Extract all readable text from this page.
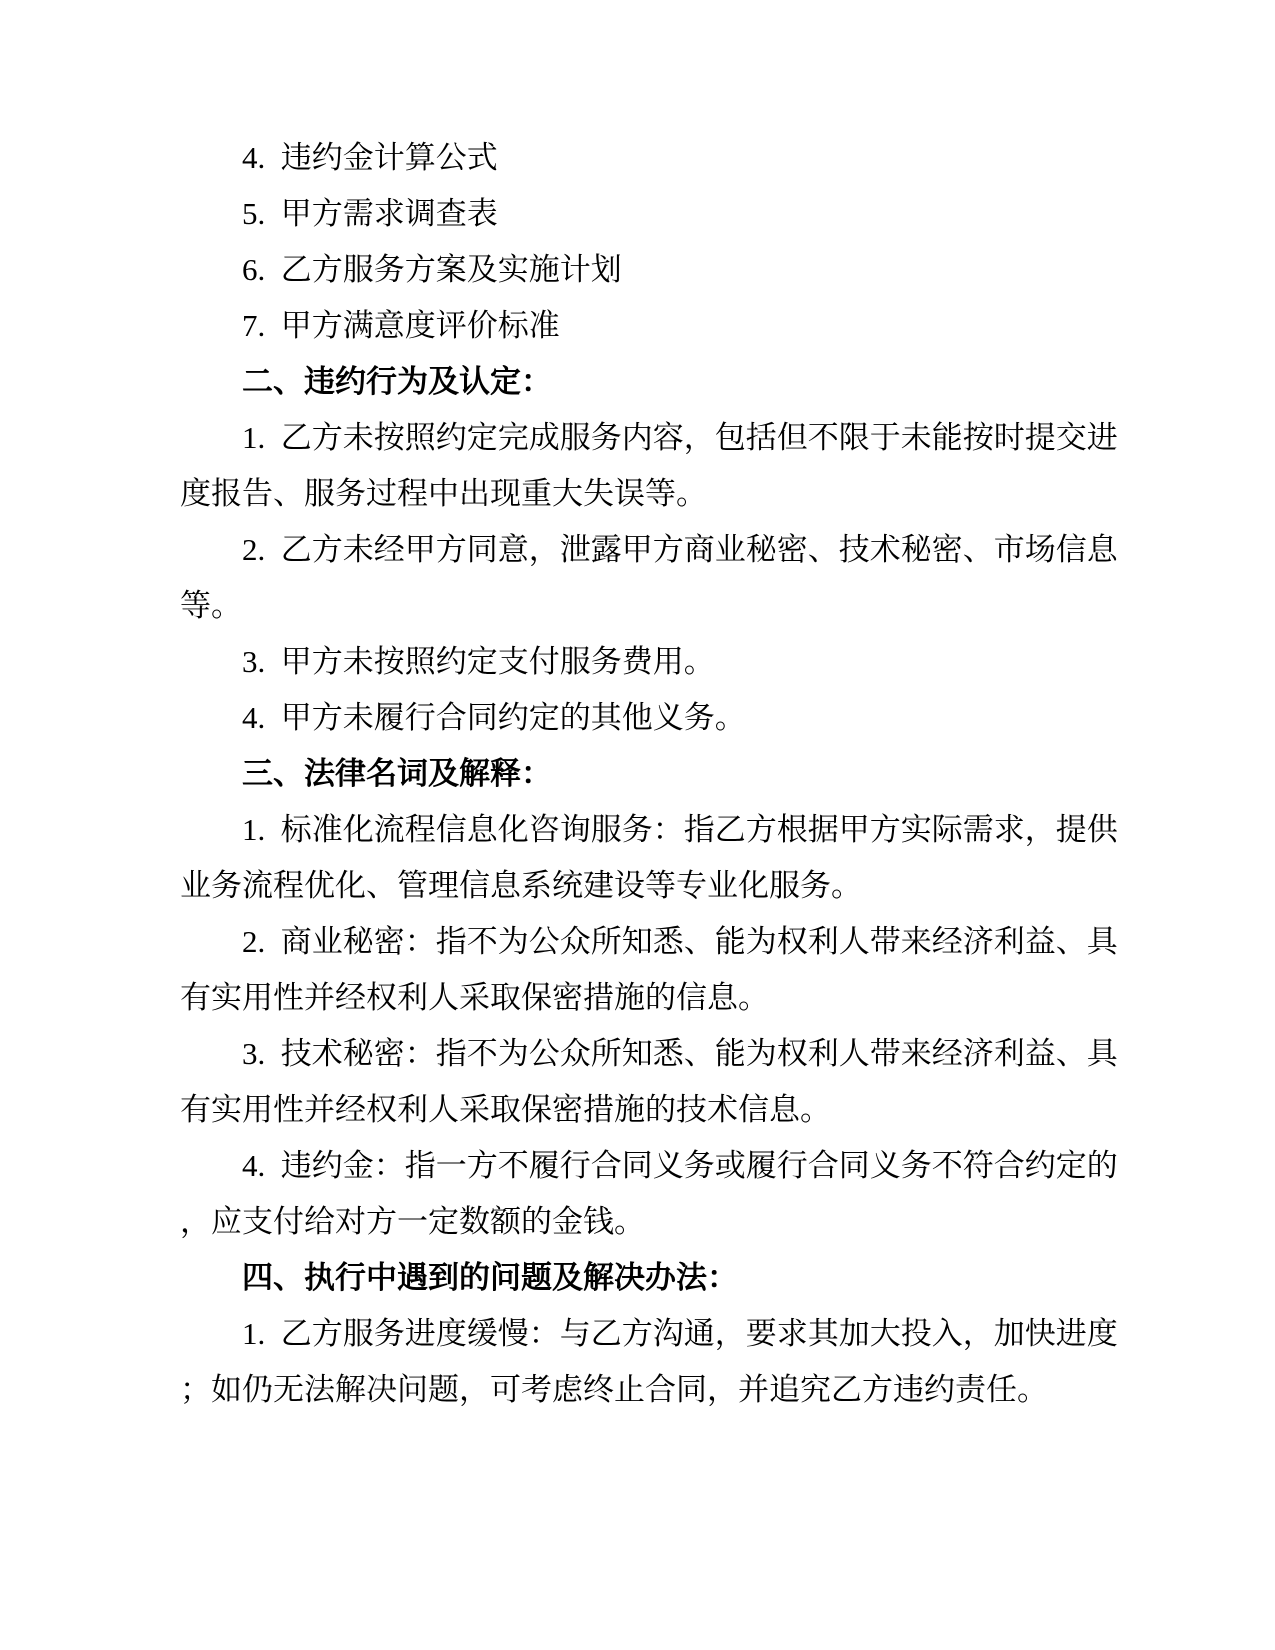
4.  违约金计算公式
5.  甲方需求调查表
6.  乙方服务方案及实施计划
7.  甲方满意度评价标准
二、违约行为及认定：
1.  乙方未按照约定完成服务内容，包括但不限于未能按时提交进
度报告、服务过程中出现重大失误等。
2.  乙方未经甲方同意，泄露甲方商业秘密、技术秘密、市场信息
等。
3.  甲方未按照约定支付服务费用。
4.  甲方未履行合同约定的其他义务。
三、法律名词及解释：
1.  标准化流程信息化咨询服务：指乙方根据甲方实际需求，提供
业务流程优化、管理信息系统建设等专业化服务。
2.  商业秘密：指不为公众所知悉、能为权利人带来经济利益、具
有实用性并经权利人采取保密措施的信息。
3.  技术秘密：指不为公众所知悉、能为权利人带来经济利益、具
有实用性并经权利人采取保密措施的技术信息。
4.  违约金：指一方不履行合同义务或履行合同义务不符合约定的
，应支付给对方一定数额的金钱。
四、执行中遇到的问题及解决办法：
1.  乙方服务进度缓慢：与乙方沟通，要求其加大投入，加快进度
；如仍无法解决问题，可考虑终止合同，并追究乙方违约责任。
